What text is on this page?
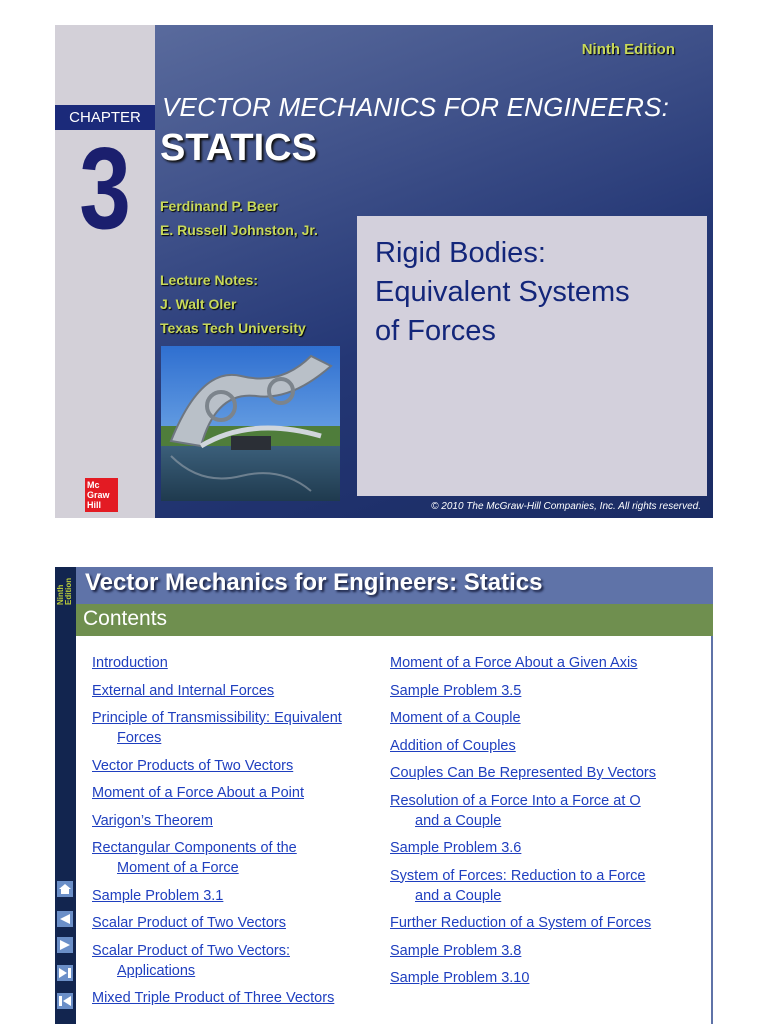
CHAPTER
3
Mc
Graw
Hill
Ninth Edition
VECTOR MECHANICS FOR ENGINEERS:
STATICS
Ferdinand P. Beer
E. Russell Johnston, Jr.
Lecture Notes:
J. Walt Oler
Texas Tech University
Rigid Bodies:
Equivalent Systems
of Forces
© 2010 The McGraw-Hill Companies, Inc. All rights reserved.
Ninth Edition Vector Mechanics for Engineers: Statics
Contents
Introduction
External and Internal Forces
Principle of Transmissibility: Equivalent
Forces
Vector Products of Two Vectors
Moment of a Force About a Point
Varigon’s Theorem
Rectangular Components of the
Moment of a Force
Sample Problem 3.1
Scalar Product of Two Vectors
Scalar Product of Two Vectors:
Applications
Mixed Triple Product of Three Vectors
Moment of a Force About a Given Axis
Sample Problem 3.5
Moment of a Couple
Addition of Couples
Couples Can Be Represented By Vectors
Resolution of a Force Into a Force at O
and a Couple
Sample Problem 3.6
System of Forces: Reduction to a Force
and a Couple
Further Reduction of a System of Forces
Sample Problem 3.8
Sample Problem 3.10
